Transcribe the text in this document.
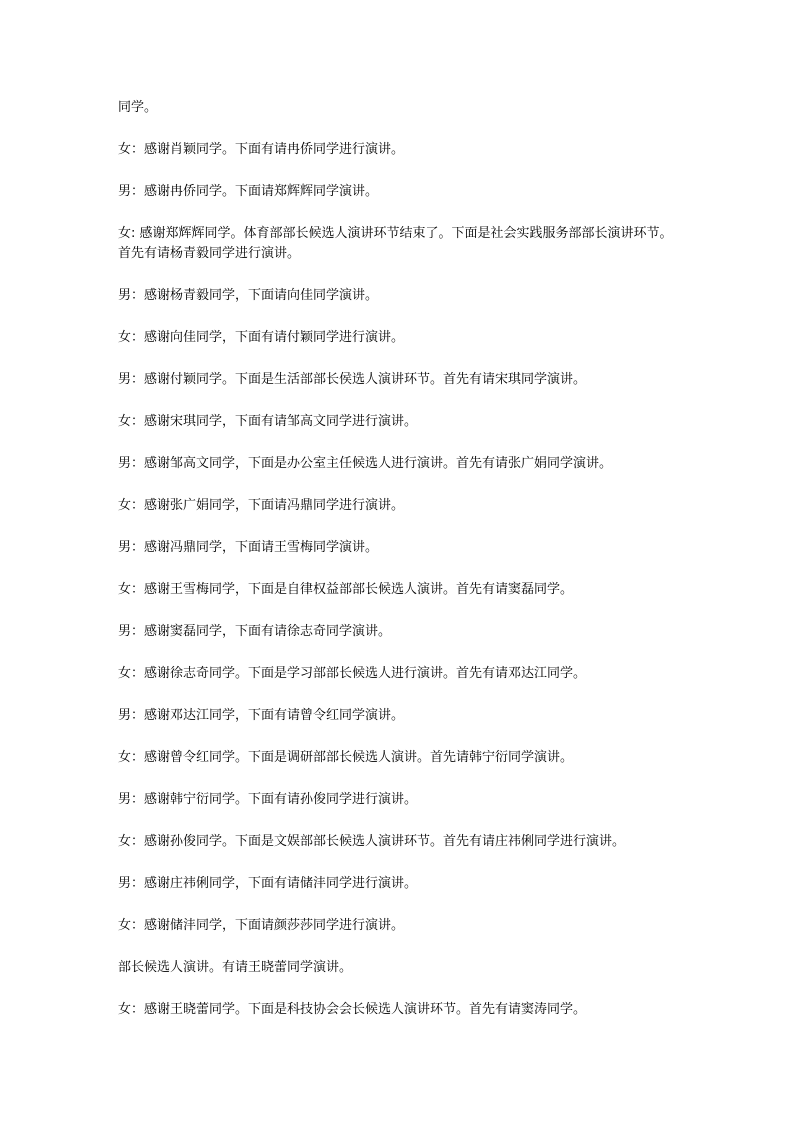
同学。

女：感谢肖颖同学。下面有请冉侨同学进行演讲。

男：感谢冉侨同学。下面请郑辉辉同学演讲。

女: 感谢郑辉辉同学。体育部部长候选人演讲环节结束了。下面是社会实践服务部部长演讲环节。首先有请杨青毅同学进行演讲。

男：感谢杨青毅同学，下面请向佳同学演讲。

女：感谢向佳同学，下面有请付颖同学进行演讲。

男：感谢付颖同学。下面是生活部部长侯选人演讲环节。首先有请宋琪同学演讲。

女：感谢宋琪同学，下面有请邹高文同学进行演讲。

男：感谢邹高文同学，下面是办公室主任候选人进行演讲。首先有请张广娟同学演讲。

女：感谢张广娟同学，下面请冯鼎同学进行演讲。

男：感谢冯鼎同学，下面请王雪梅同学演讲。

女：感谢王雪梅同学，下面是自律权益部部长候选人演讲。首先有请窦磊同学。

男：感谢窦磊同学，下面有请徐志奇同学演讲。

女：感谢徐志奇同学。下面是学习部部长候选人进行演讲。首先有请邓达江同学。

男：感谢邓达江同学，下面有请曾令红同学演讲。

女：感谢曾令红同学。下面是调研部部长候选人演讲。首先请韩宁衍同学演讲。

男：感谢韩宁衍同学。下面有请孙俊同学进行演讲。

女：感谢孙俊同学。下面是文娱部部长候选人演讲环节。首先有请庄祎俐同学进行演讲。

男：感谢庄祎俐同学，下面有请储沣同学进行演讲。

女：感谢储沣同学，下面请颜莎莎同学进行演讲。

部长候选人演讲。有请王晓蕾同学演讲。

女：感谢王晓蕾同学。下面是科技协会会长候选人演讲环节。首先有请窦涛同学。
